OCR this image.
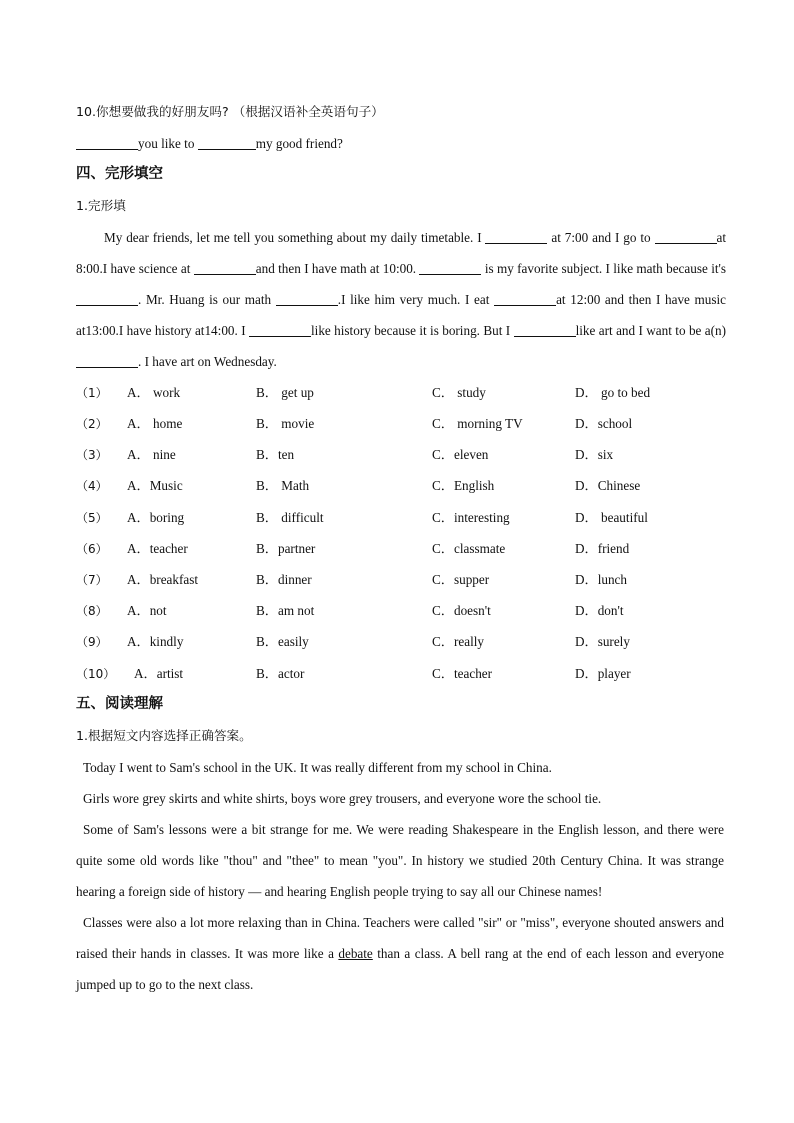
10.你想要做我的好朋友吗? （根据汉语补全英语句子）
you like to	my good friend?
四、完形填空
1.完形填

My dear friends, let me tell you something about my daily timetable. I	at 7:00 and I go to	at 8:00.I have science at	and then I have math at 10:00.	is my favorite subject. I like math because it's . Mr. Huang is our math	.I like him very much. I eat	at 12:00 and then I have music at13:00.I have history at14:00. I	like history because it is boring. But I	like art and I want to be a(n) . I have art on Wednesday.

（1） A． work	B． get up	C． study	D． go to bed
（2） A． home	B． movie	C． morning TV	D．school
（3） A． nine	B．ten	C．eleven	D．six
（4） A．Music	B． Math	C．English	D．Chinese
（5） A．boring	B． difficult	C．interesting	D． beautiful
（6） A．teacher	B．partner	C．classmate	D．friend
（7） A．breakfast	B．dinner	C．supper	D．lunch
（8） A．not	B．am not	C．doesn't	D．don't
（9） A．kindly	B．easily	C．really	D．surely
（10） A．artist	B．actor	C．teacher	D．player
五、阅读理解
1.根据短文内容选择正确答案。

Today I went to Sam's school in the UK. It was really different from my school in China.

Girls wore grey skirts and white shirts, boys wore grey trousers, and everyone wore the school tie.

Some of Sam's lessons were a bit strange for me. We were reading Shakespeare in the English lesson, and there were quite some old words like "thou" and "thee" to mean "you". In history we studied 20th Century China. It was strange hearing a foreign side of history — and hearing English people trying to say all our Chinese names!

Classes were also a lot more relaxing than in China. Teachers were called "sir" or "miss", everyone shouted answers and raised their hands in classes. It was more like a debate than a class. A bell rang at the end of each lesson and everyone jumped up to go to the next class.
